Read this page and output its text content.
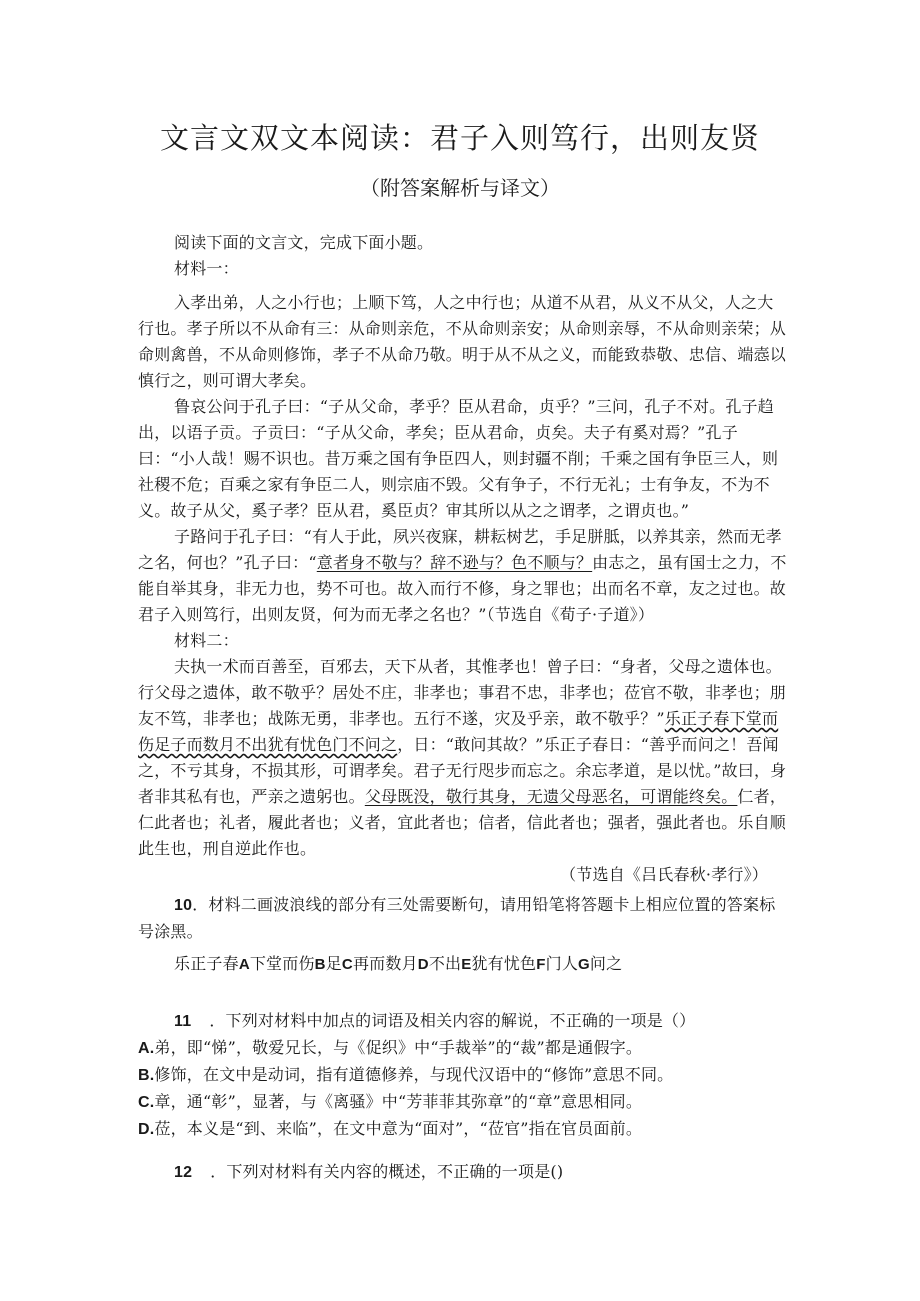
文言文双文本阅读：君子入则笃行，出则友贤
（附答案解析与译文）

阅读下面的文言文，完成下面小题。

材料一：

入孝出弟，人之小行也；上顺下笃，人之中行也；从道不从君，从义不从父，人之大行也。孝子所以不从命有三：从命则亲危，不从命则亲安；从命则亲辱，不从命则亲荣；从命则禽兽，不从命则修饰，孝子不从命乃敬。明于从不从之义，而能致恭敬、忠信、端悫以慎行之，则可谓大孝矣。

鲁哀公问于孔子曰：“子从父命，孝乎？臣从君命，贞乎？”三问，孔子不对。孔子趋出，以语子贡。子贡曰：“子从父命，孝矣；臣从君命，贞矣。夫子有奚对焉？”孔子曰：“小人哉！赐不识也。昔万乘之国有争臣四人，则封疆不削；千乘之国有争臣三人，则社稷不危；百乘之家有争臣二人，则宗庙不毁。父有争子，不行无礼；士有争友，不为不义。故子从父，奚子孝？臣从君，奚臣贞？审其所以从之之谓孝，之谓贞也。”

子路问于孔子曰：“有人于此，夙兴夜寐，耕耘树艺，手足胼胝，以养其亲，然而无孝之名，何也？”孔子曰：“意者身不敬与？辞不逊与？色不顺与？由志之，虽有国士之力，不能自举其身，非无力也，势不可也。故入而行不修，身之罪也；出而名不章，友之过也。故君子入则笃行，出则友贤，何为而无孝之名也？”（节选自《荀子·子道》）

材料二：

夫执一术而百善至，百邪去，天下从者，其惟孝也！曾子曰：“身者，父母之遗体也。行父母之遗体，敢不敬乎？居处不庄，非孝也；事君不忠，非孝也；莅官不敬，非孝也；朋友不笃，非孝也；战陈无勇，非孝也。五行不遂，灾及乎亲，敢不敬乎？”乐正子春下堂而伤足子而数月不出犹有忧色门不问之，日：“敢问其故？”乐正子春日：“善乎而问之！吾闻之，不亏其身，不损其形，可谓孝矣。君子无行咫步而忘之。余忘孝道，是以忧。”故曰，身者非其私有也，严亲之遗躬也。父母既没，敬行其身，无遗父母恶名，可谓能终矣。仁者，仁此者也；礼者，履此者也；义者，宜此者也；信者，信此者也；强者，强此者也。乐自顺此生也，刑自逆此作也。

（节选自《吕氏春秋·孝行》）

10．材料二画波浪线的部分有三处需要断句，请用铅笔将答题卡上相应位置的答案标号涂黑。

乐正子春A下堂而伤B足C再而数月D不出E犹有忧色F门人G问之

11 ．下列对材料中加点的词语及相关内容的解说，不正确的一项是（）

A.弟，即“悌”，敬爱兄长，与《促织》中“手裁举”的“裁”都是通假字。

B.修饰，在文中是动词，指有道德修养，与现代汉语中的“修饰”意思不同。

C.章，通“彰”，显著，与《离骚》中“芳菲菲其弥章”的“章”意思相同。

D.莅，本义是“到、来临”，在文中意为“面对”，“莅官”指在官员面前。

12 ．下列对材料有关内容的概述，不正确的一项是()
